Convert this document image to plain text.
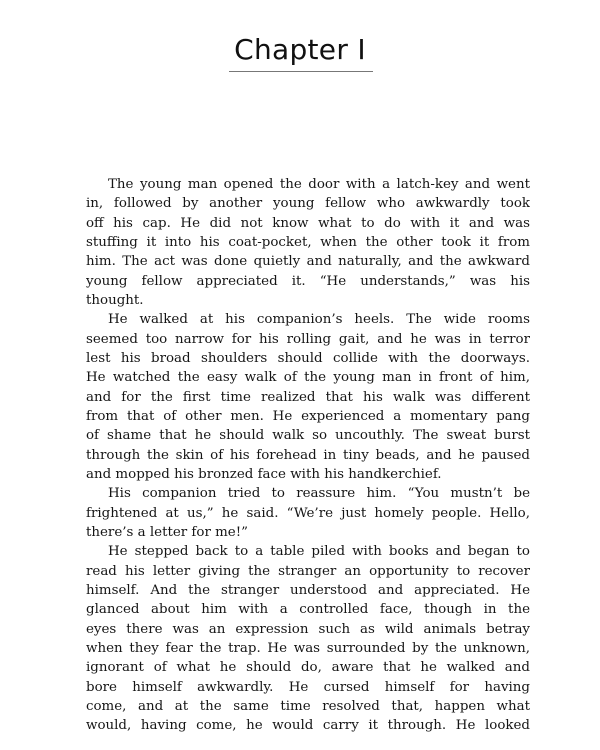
Chapter I
The young man opened the door with a latch-key and went
in, followed by another young fellow who awkwardly took
off his cap. He did not know what to do with it and was
stuffing it into his coat-pocket, when the other took it from
him. The act was done quietly and naturally, and the awkward
young fellow appreciated it. “He understands,” was his
thought.
He walked at his companion’s heels. The wide rooms
seemed too narrow for his rolling gait, and he was in terror
lest his broad shoulders should collide with the doorways.
He watched the easy walk of the young man in front of him,
and for the first time realized that his walk was different
from that of other men. He experienced a momentary pang
of shame that he should walk so uncouthly. The sweat burst
through the skin of his forehead in tiny beads, and he paused
and mopped his bronzed face with his handkerchief.
His companion tried to reassure him. “You mustn’t be
frightened at us,” he said. “We’re just homely people. Hello,
there’s a letter for me!”
He stepped back to a table piled with books and began to
read his letter giving the stranger an opportunity to recover
himself. And the stranger understood and appreciated. He
glanced about him with a controlled face, though in the
eyes there was an expression such as wild animals betray
when they fear the trap. He was surrounded by the unknown,
ignorant of what he should do, aware that he walked and
bore himself awkwardly. He cursed himself for having
come, and at the same time resolved that, happen what
would, having come, he would carry it through. He looked
